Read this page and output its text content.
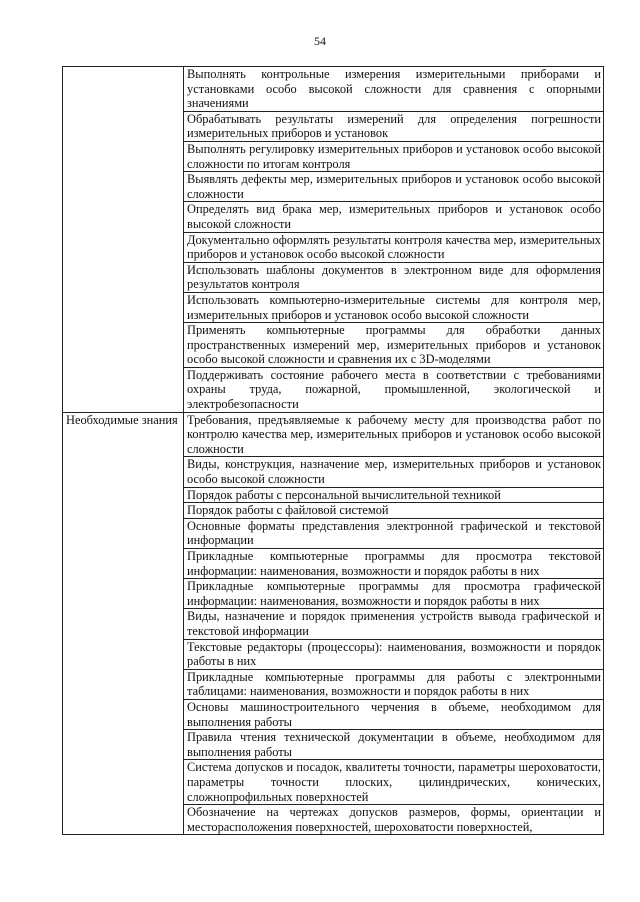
54
	Выполнять контрольные измерения измерительными приборами и установками особо высокой сложности для сравнения с опорными значениями
	Обрабатывать результаты измерений для определения погрешности измерительных приборов и установок
	Выполнять регулировку измерительных приборов и установок особо высокой сложности по итогам контроля
	Выявлять дефекты мер, измерительных приборов и установок особо высокой сложности
	Определять вид брака мер, измерительных приборов и установок особо высокой сложности
	Документально оформлять результаты контроля качества мер, измерительных приборов и установок особо высокой сложности
	Использовать шаблоны документов в электронном виде для оформления результатов контроля
	Использовать компьютерно-измерительные системы для контроля мер, измерительных приборов и установок особо высокой сложности
	Применять компьютерные программы для обработки данных пространственных измерений мер, измерительных приборов и установок особо высокой сложности и сравнения их с 3D-моделями
	Поддерживать состояние рабочего места в соответствии с требованиями охраны труда, пожарной, промышленной, экологической и электробезопасности
Необходимые знания	Требования, предъявляемые к рабочему месту для производства работ по контролю качества мер, измерительных приборов и установок особо высокой сложности
	Виды, конструкция, назначение мер, измерительных приборов и установок особо высокой сложности
	Порядок работы с персональной вычислительной техникой
	Порядок работы с файловой системой
	Основные форматы представления электронной графической и текстовой информации
	Прикладные компьютерные программы для просмотра текстовой информации: наименования, возможности и порядок работы в них
	Прикладные компьютерные программы для просмотра графической информации: наименования, возможности и порядок работы в них
	Виды, назначение и порядок применения устройств вывода графической и текстовой информации
	Текстовые редакторы (процессоры): наименования, возможности и порядок работы в них
	Прикладные компьютерные программы для работы с электронными таблицами: наименования, возможности и порядок работы в них
	Основы машиностроительного черчения в объеме, необходимом для выполнения работы
	Правила чтения технической документации в объеме, необходимом для выполнения работы
	Система допусков и посадок, квалитеты точности, параметры шероховатости, параметры точности плоских, цилиндрических, конических, сложнопрофильных поверхностей
	Обозначение на чертежах допусков размеров, формы, ориентации и месторасположения поверхностей, шероховатости поверхностей,
